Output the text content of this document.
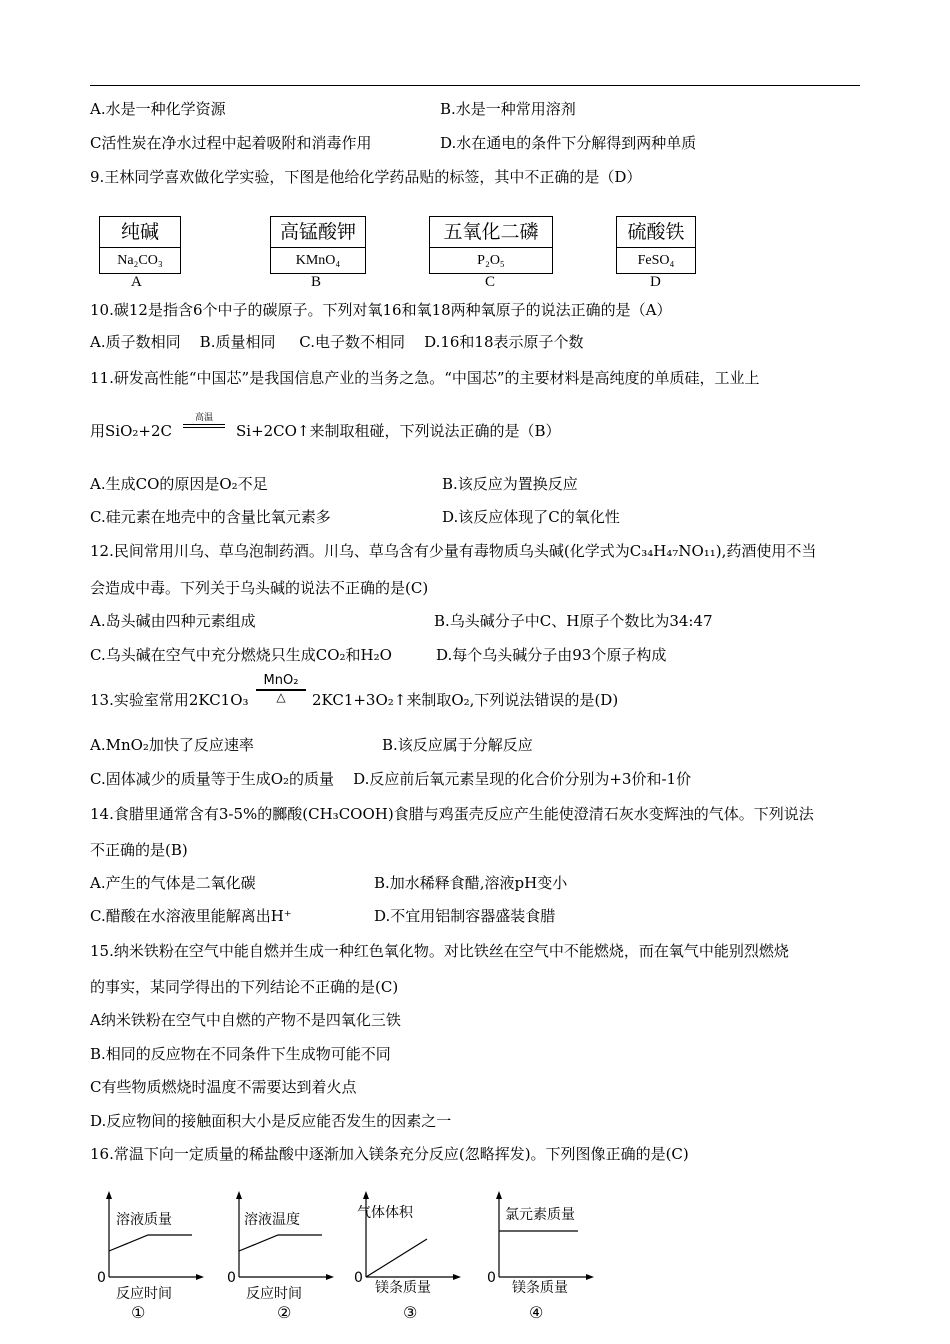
A.水是一种化学资源	B.水是一种常用溶剂
C活性炭在净水过程中起着吸附和消毒作用	D.水在通电的条件下分解得到两种单质
9.王林同学喜欢做化学实验，下图是他给化学药品贴的标签，其中不正确的是（D）
纯碱
Na₂CO₃
A
高锰酸钾
KMnO₄
B
五氧化二磷
P₂O₅
C
硫酸铁
FeSO₄
D
10.碳12是指含6个中子的碳原子。下列对氧16和氧18两种氧原子的说法正确的是（A）
A.质子数相同    B.质量相同     C.电子数不相同    D.16和18表示原子个数
11.研发高性能“中国芯”是我国信息产业的当务之急。“中国芯”的主要材料是高纯度的单质硅，工业上
用SiO₂+2C
高温
Si+2CO↑来制取租碰，下列说法正确的是（B）
A.生成CO的原因是O₂不足	B.该反应为置换反应
C.硅元素在地壳中的含量比氧元素多	D.该反应体现了C的氧化性
12.民间常用川乌、草乌泡制药酒。川乌、草乌含有少量有毒物质乌头碱(化学式为C₃₄H₄₇NO₁₁),药酒使用不当
会造成中毒。下列关于乌头碱的说法不正确的是(C)
A.岛头碱由四种元素组成	B.乌头碱分子中C、H原子个数比为34:47
C.乌头碱在空气中充分燃烧只生成CO₂和H₂O	D.每个乌头碱分子由93个原子构成
13.实验室常用2KC1O₃
MnO₂
△	2KC1+3O₂↑来制取O₂,下列说法错误的是(D)
A.MnO₂加快了反应速率	B.该反应属于分解反应
C.固体减少的质量等于生成O₂的质量    D.反应前后氧元素呈现的化合价分别为+3价和-1价
14.食腊里通常含有3-5%的膷酸(CH₃COOH)食腊与鸡蛋壳反应产生能使澄清石灰水变辉浊的气体。下列说法
不正确的是(B)
A.产生的气体是二氧化碳	B.加水稀释食醋,溶液pH变小
C.醋酸在水溶液里能解离出H⁺	D.不宜用铝制容器盛装食腊
15.纳米铁粉在空气中能自燃并生成一种红色氧化物。对比铁丝在空气中不能燃烧，而在氧气中能别烈燃烧
的事实，某同学得出的下列结论不正确的是(C)
A纳米铁粉在空气中自燃的产物不是四氧化三铁
B.相同的反应物在不同条件下生成物可能不同
C有些物质燃烧时温度不需要达到着火点
D.反应物间的接触面积大小是反应能否发生的因素之一
16.常温下向一定质量的稀盐酸中逐渐加入镁条充分反应(忽略挥发)。下列图像正确的是(C)
溶液质量
0
反应时间
①
溶液温度
0
反应时间
②
气体体积
0
镁条质量
③
氯元素质量
0
镁条质量
④
